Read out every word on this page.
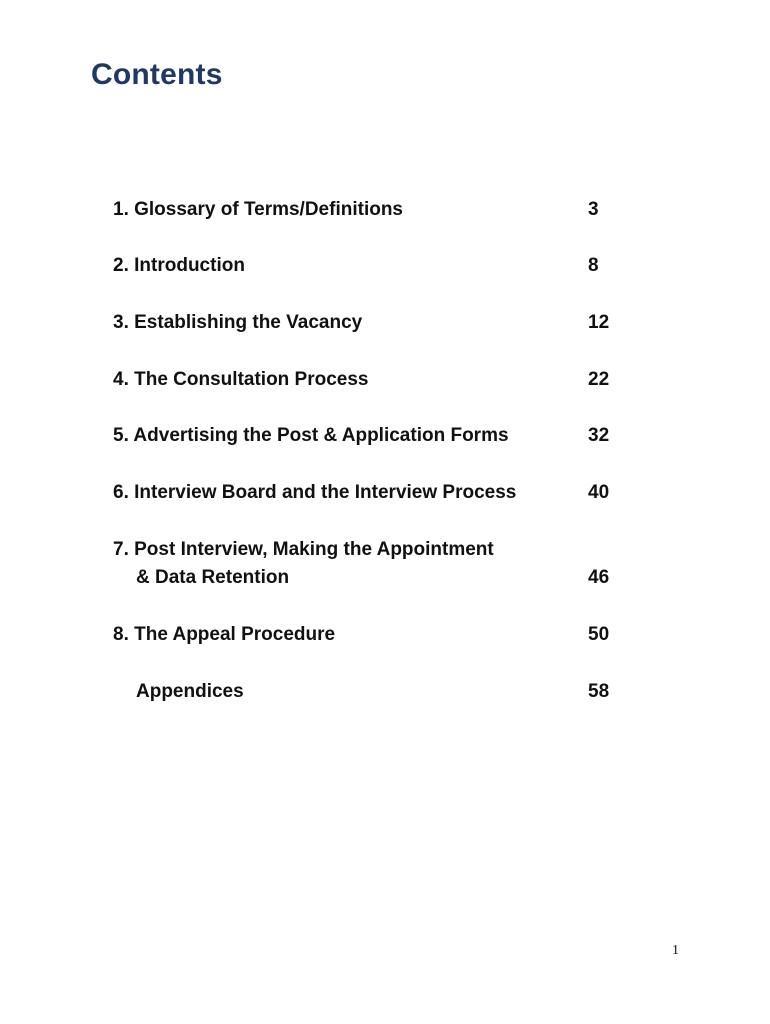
Contents
1. Glossary of Terms/Definitions	3
2. Introduction	8
3. Establishing the Vacancy	12
4. The Consultation Process	22
5. Advertising the Post & Application Forms	32
6. Interview Board and the Interview Process	40
7. Post Interview, Making the Appointment
& Data Retention	46
8. The Appeal Procedure	50
Appendices	58
1
